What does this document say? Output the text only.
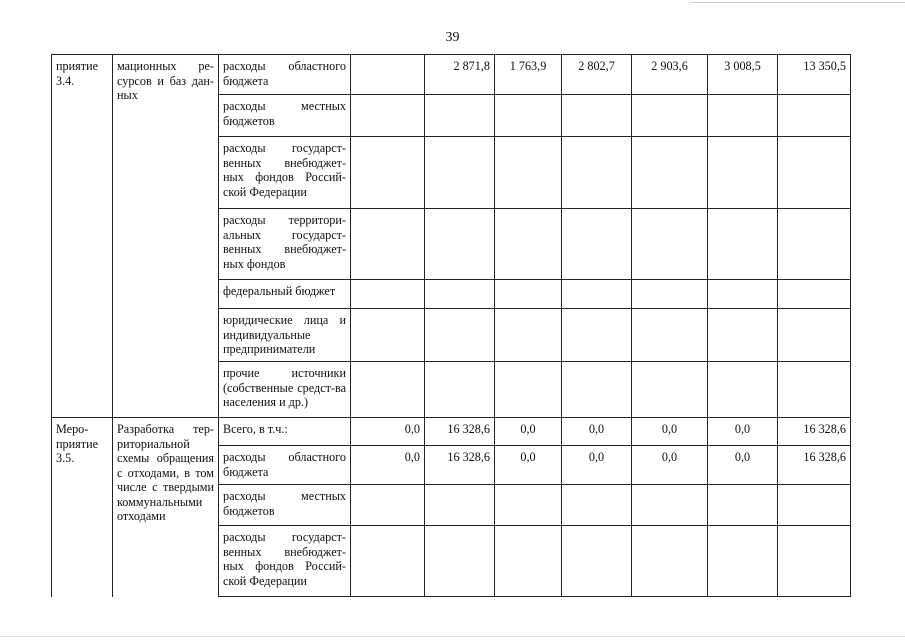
39
приятие 3.4.	мационных ре-сурсов и баз дан-ных	расходы областного бюджета		2 871,8	1 763,9	2 802,7	2 903,6	3 008,5	13 350,5
		расходы местных бюджетов							
		расходы государст-венных внебюджет-ных фондов Россий-ской Федерации							
		расходы территори-альных государст-венных внебюджет-ных фондов							
		федеральный бюджет							
		юридические лица и индивидуальные предприниматели							
		прочие источники (собственные средст-ва населения и др.)							
Меро-приятие 3.5.	Разработка тер-риториальной схемы обращения с отходами, в том числе с твердыми коммунальными отходами	Всего, в т.ч.:	0,0	16 328,6	0,0	0,0	0,0	0,0	16 328,6
		расходы областного бюджета	0,0	16 328,6	0,0	0,0	0,0	0,0	16 328,6
		расходы местных бюджетов							
		расходы государст-венных внебюджет-ных фондов Россий-ской Федерации							
